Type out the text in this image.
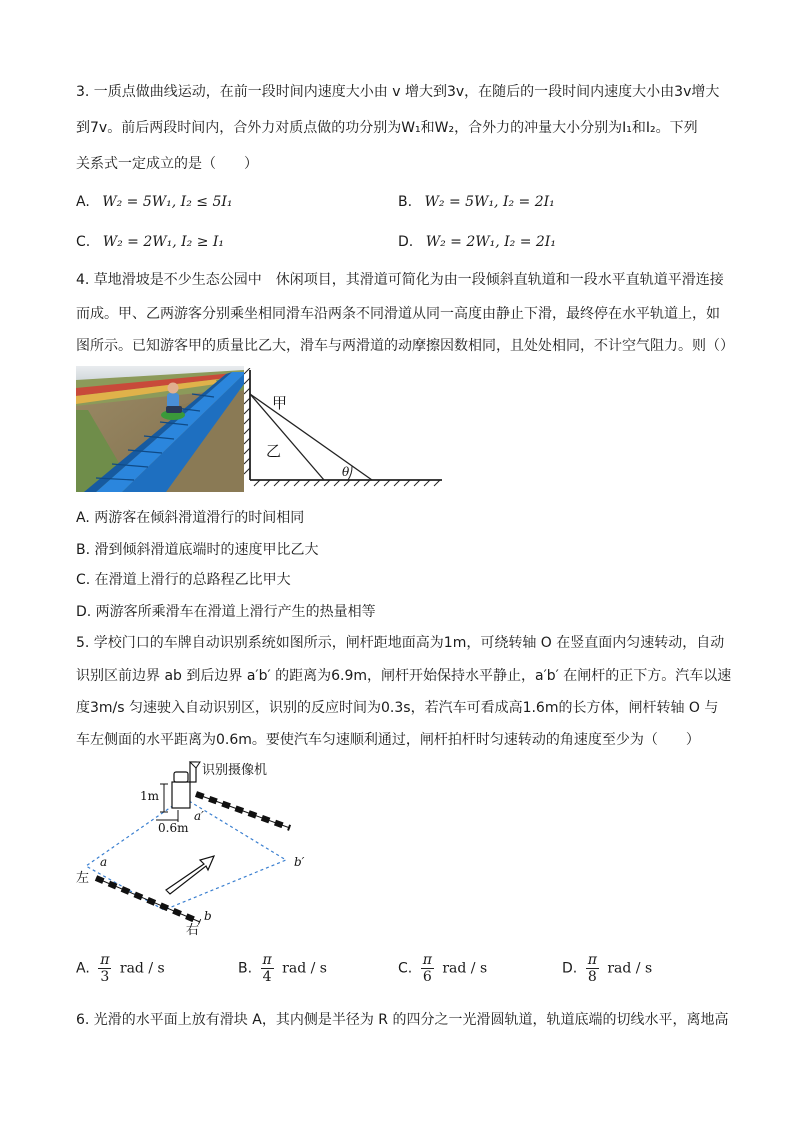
3. 一质点做曲线运动，在前一段时间内速度大小由 v 增大到3v，在随后的一段时间内速度大小由3v增大
到7v。前后两段时间内，合外力对质点做的功分别为W₁和W₂，合外力的冲量大小分别为I₁和I₂。下列
关系式一定成立的是（　　）
A. W₂ = 5W₁, I₂ ≤ 5I₁	B. W₂ = 5W₁, I₂ = 2I₁
C. W₂ = 2W₁, I₂ ≥ I₁	D. W₂ = 2W₁, I₂ = 2I₁
4. 草地滑坡是不少生态公园中　休闲项目，其滑道可简化为由一段倾斜直轨道和一段水平直轨道平滑连接
而成。甲、乙两游客分别乘坐相同滑车沿两条不同滑道从同一高度由静止下滑，最终停在水平轨道上，如
图所示。已知游客甲的质量比乙大，滑车与两滑道的动摩擦因数相同，且处处相同，不计空气阻力。则（）
甲
乙
θ
A. 两游客在倾斜滑道滑行的时间相同
B. 滑到倾斜滑道底端时的速度甲比乙大
C. 在滑道上滑行的总路程乙比甲大
D. 两游客所乘滑车在滑道上滑行产生的热量相等
5. 学校门口的车牌自动识别系统如图所示，闸杆距地面高为1m，可绕转轴 O 在竖直面内匀速转动，自动
识别区前边界 ab 到后边界 a′b′ 的距离为6.9m，闸杆开始保持水平静止，a′b′ 在闸杆的正下方。汽车以速
度3m/s 匀速驶入自动识别区，识别的反应时间为0.3s，若汽车可看成高1.6m的长方体，闸杆转轴 O 与
车左侧面的水平距离为0.6m。要使汽车匀速顺利通过，闸杆拍杆时匀速转动的角速度至少为（　　）
识别摄像机
1m
0.6m
a′
b′
a
b
左
右
A. $\frac{\pi}{3}$ rad / s	B. $\frac{\pi}{4}$ rad / s	C. $\frac{\pi}{6}$ rad / s	D. $\frac{\pi}{8}$ rad / s
6. 光滑的水平面上放有滑块 A，其内侧是半径为 R 的四分之一光滑圆轨道，轨道底端的切线水平，离地高
